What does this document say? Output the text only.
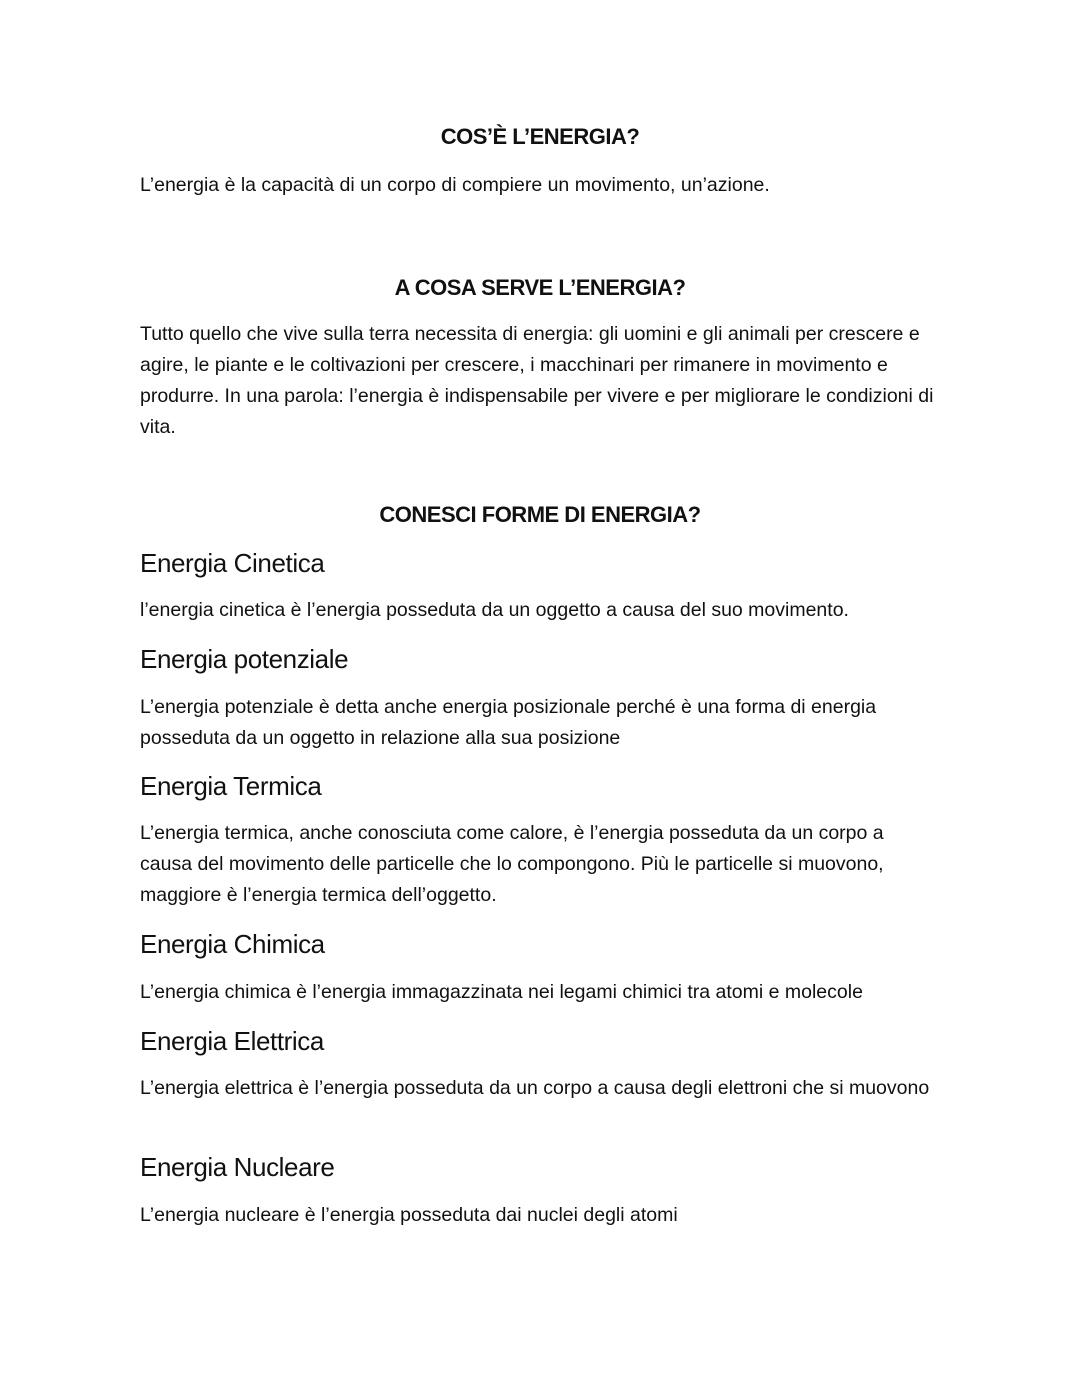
COS’È L’ENERGIA?
L’energia è la capacità di un corpo di compiere un movimento, un’azione.
A COSA SERVE L’ENERGIA?
Tutto quello che vive sulla terra necessita di energia: gli uomini e gli animali per crescere e agire, le piante e le coltivazioni per crescere, i macchinari per rimanere in movimento e produrre. In una parola: l’energia è indispensabile per vivere e per migliorare le condizioni di vita.
CONESCI FORME DI ENERGIA?
Energia Cinetica
l’energia cinetica è l’energia posseduta da un oggetto a causa del suo movimento.
Energia potenziale
L’energia potenziale è detta anche energia posizionale perché è una forma di energia posseduta da un oggetto in relazione alla sua posizione
Energia Termica
L’energia termica, anche conosciuta come calore, è l’energia posseduta da un corpo a causa del movimento delle particelle che lo compongono. Più le particelle si muovono, maggiore è l’energia termica dell’oggetto.
Energia Chimica
L’energia chimica è l’energia immagazzinata nei legami chimici tra atomi e molecole
Energia Elettrica
L’energia elettrica è l’energia posseduta da un corpo a causa degli elettroni che si muovono
Energia Nucleare
L’energia nucleare è l’energia posseduta dai nuclei degli atomi
